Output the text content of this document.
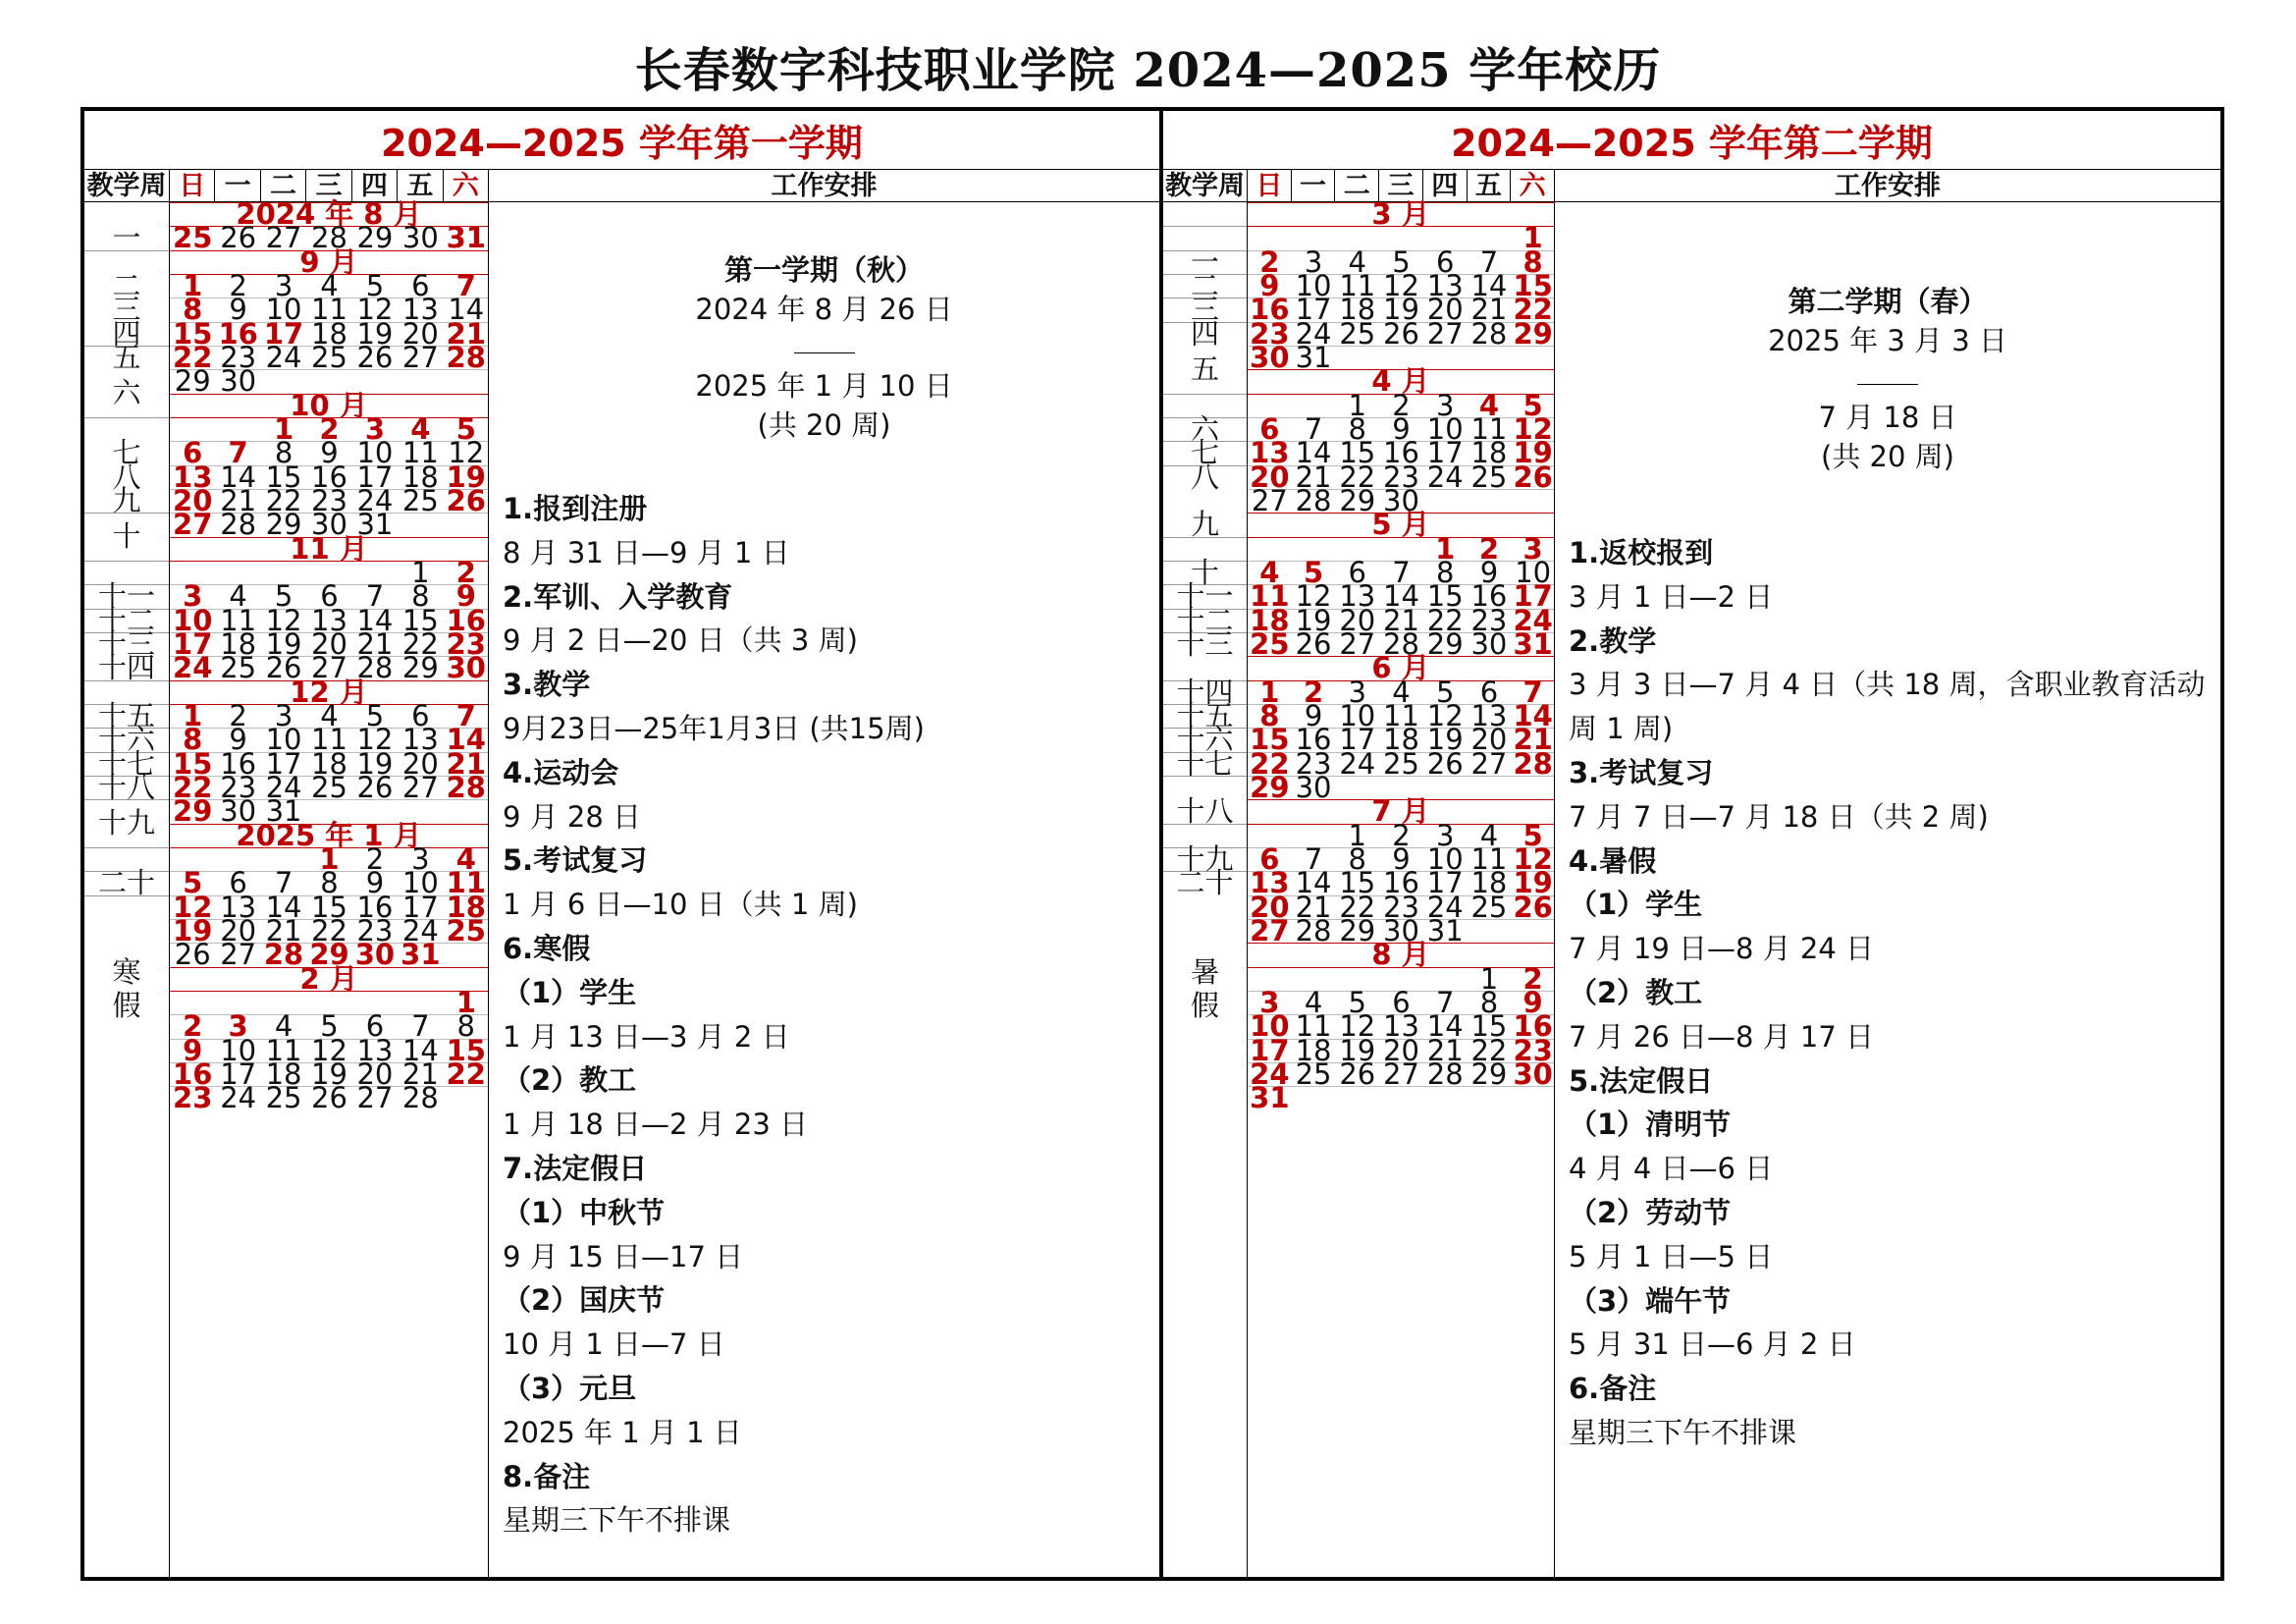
长春数字科技职业学院 2024—2025 学年校历
2024—2025 学年第一学期
教学周 日 一 二 三 四 五 六	工作安排
一
二
三
四
五
六
七
八
九
十
十一
十二
十三
十四
十五
十六
十七
十八
十九
二十
寒
假
2024 年 8 月
25 26 27 28 29 30 31
9 月
1 2 3 4 5 6 7
8 9 10 11 12 13 14
15 16 17 18 19 20 21
22 23 24 25 26 27 28
29 30
10 月
1 2 3 4 5
6 7 8 9 10 11 12
13 14 15 16 17 18 19
20 21 22 23 24 25 26
27 28 29 30 31
11 月
1 2
3 4 5 6 7 8 9
10 11 12 13 14 15 16
17 18 19 20 21 22 23
24 25 26 27 28 29 30
12 月
1 2 3 4 5 6 7
8 9 10 11 12 13 14
15 16 17 18 19 20 21
22 23 24 25 26 27 28
29 30 31
2025 年 1 月
1 2 3 4
5 6 7 8 9 10 11
12 13 14 15 16 17 18
19 20 21 22 23 24 25
26 27 28 29 30 31
2 月
1
2 3 4 5 6 7 8
9 10 11 12 13 14 15
16 17 18 19 20 21 22
23 24 25 26 27 28
第一学期（秋）
2024 年 8 月 26 日
2025 年 1 月 10 日
(共 20 周)
1.报到注册
8 月 31 日—9 月 1 日
2.军训、入学教育
9 月 2 日—20 日（共 3 周)
3.教学
9月23日—25年1月3日 (共15周)
4.运动会
9 月 28 日
5.考试复习
1 月 6 日—10 日（共 1 周)
6.寒假
（1）学生
1 月 13 日—3 月 2 日
（2）教工
1 月 18 日—2 月 23 日
7.法定假日
（1）中秋节
9 月 15 日—17 日
（2）国庆节
10 月 1 日—7 日
（3）元旦
2025 年 1 月 1 日
8.备注
星期三下午不排课
2024—2025 学年第二学期
教学周 日 一 二 三 四 五 六	工作安排
一
二
三
四
五
六
七
八
九
十
十一
十二
十三
十四
十五
十六
十七
十八
十九
二十
暑
假
3 月
1
2 3 4 5 6 7 8
9 10 11 12 13 14 15
16 17 18 19 20 21 22
23 24 25 26 27 28 29
30 31
4 月
1 2 3 4 5
6 7 8 9 10 11 12
13 14 15 16 17 18 19
20 21 22 23 24 25 26
27 28 29 30
5 月
1 2 3
4 5 6 7 8 9 10
11 12 13 14 15 16 17
18 19 20 21 22 23 24
25 26 27 28 29 30 31
6 月
1 2 3 4 5 6 7
8 9 10 11 12 13 14
15 16 17 18 19 20 21
22 23 24 25 26 27 28
29 30
7 月
1 2 3 4 5
6 7 8 9 10 11 12
13 14 15 16 17 18 19
20 21 22 23 24 25 26
27 28 29 30 31
8 月
1 2
3 4 5 6 7 8 9
10 11 12 13 14 15 16
17 18 19 20 21 22 23
24 25 26 27 28 29 30
31
第二学期（春）
2025 年 3 月 3 日
7 月 18 日
(共 20 周)
1.返校报到
3 月 1 日—2 日
2.教学
3 月 3 日—7 月 4 日（共 18 周，含职业教育活动周 1 周)
3.考试复习
7 月 7 日—7 月 18 日（共 2 周)
4.暑假
（1）学生
7 月 19 日—8 月 24 日
（2）教工
7 月 26 日—8 月 17 日
5.法定假日
（1）清明节
4 月 4 日—6 日
（2）劳动节
5 月 1 日—5 日
（3）端午节
5 月 31 日—6 月 2 日
6.备注
星期三下午不排课
